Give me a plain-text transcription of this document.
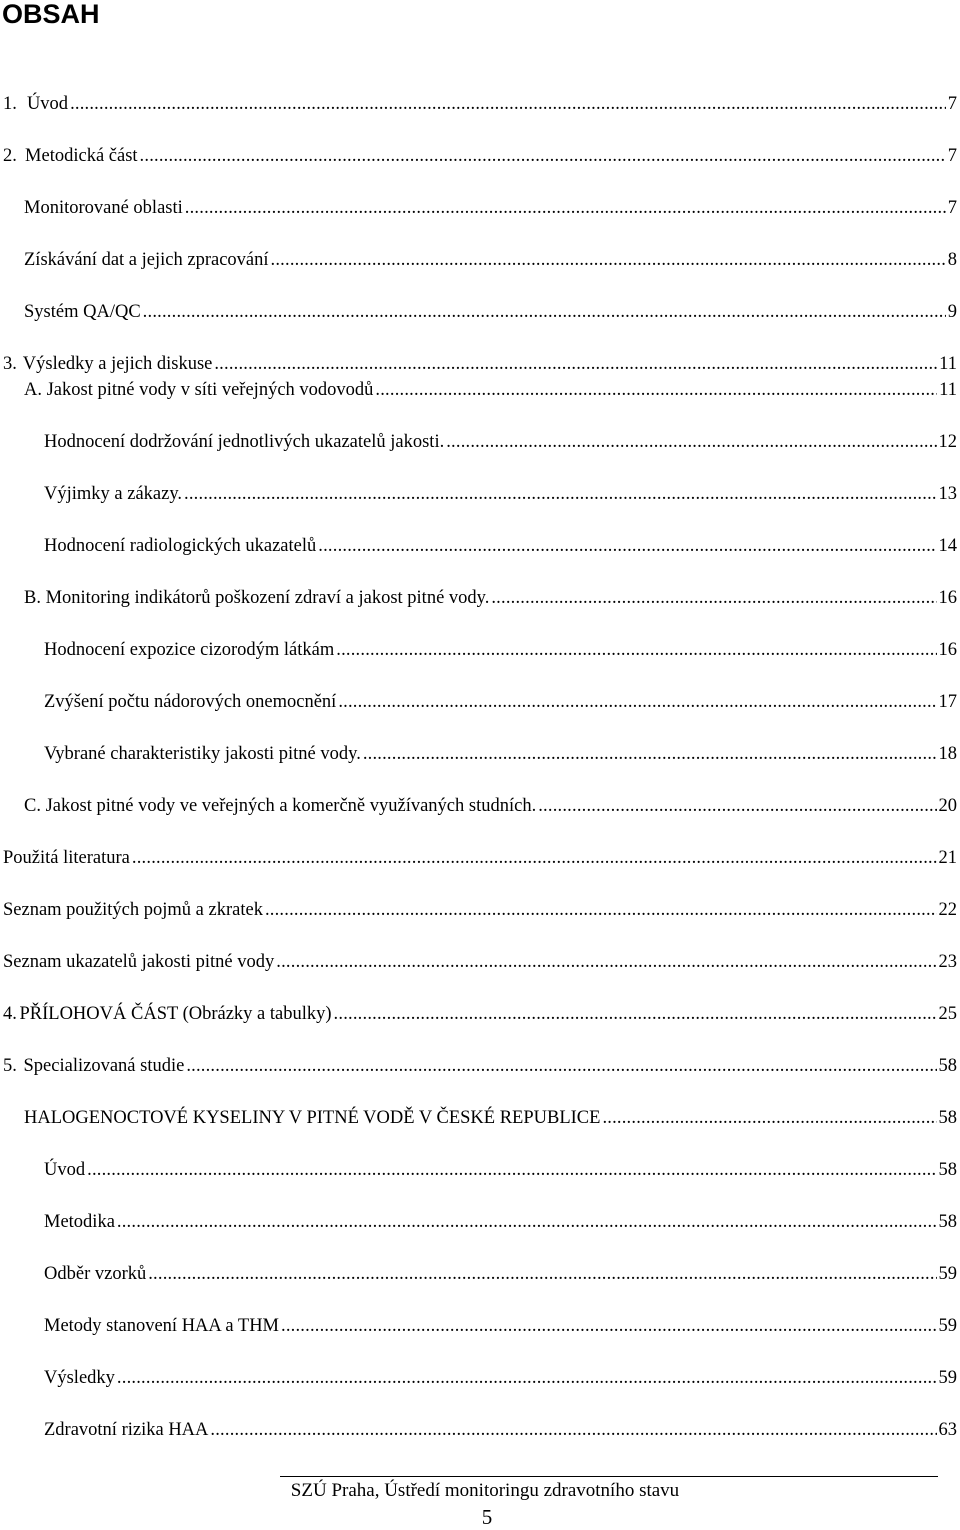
OBSAH
1. Úvod .....	7
2. Metodická část .....	7
Monitorované oblasti .....	7
Získávání dat a jejich zpracování .....	8
Systém QA/QC .....	9
3. Výsledky a jejich diskuse .....	11
A. Jakost pitné vody v síti veřejných vodovodů .....	11
Hodnocení dodržování jednotlivých ukazatelů jakosti. .....	12
Výjimky a zákazy. .....	13
Hodnocení radiologických ukazatelů .....	14
B. Monitoring indikátorů poškození zdraví a jakost pitné vody. .....	16
Hodnocení expozice cizorodým látkám .....	16
Zvýšení počtu nádorových onemocnění .....	17
Vybrané charakteristiky jakosti pitné vody. .....	18
C. Jakost pitné vody ve veřejných a komerčně využívaných studních. .....	20
Použitá literatura .....	21
Seznam použitých pojmů a zkratek .....	22
Seznam ukazatelů jakosti pitné vody .....	23
4. PŘÍLOHOVÁ ČÁST (Obrázky a tabulky) .....	25
5. Specializovaná studie .....	58
HALOGENOCTOVÉ KYSELINY V PITNÉ VODĚ V ČESKÉ REPUBLICE .....	58
Úvod .....	58
Metodika .....	58
Odběr vzorků .....	59
Metody stanovení HAA a THM .....	59
Výsledky .....	59
Zdravotní rizika HAA .....	63
SZÚ Praha, Ústředí monitoringu zdravotního stavu
5
